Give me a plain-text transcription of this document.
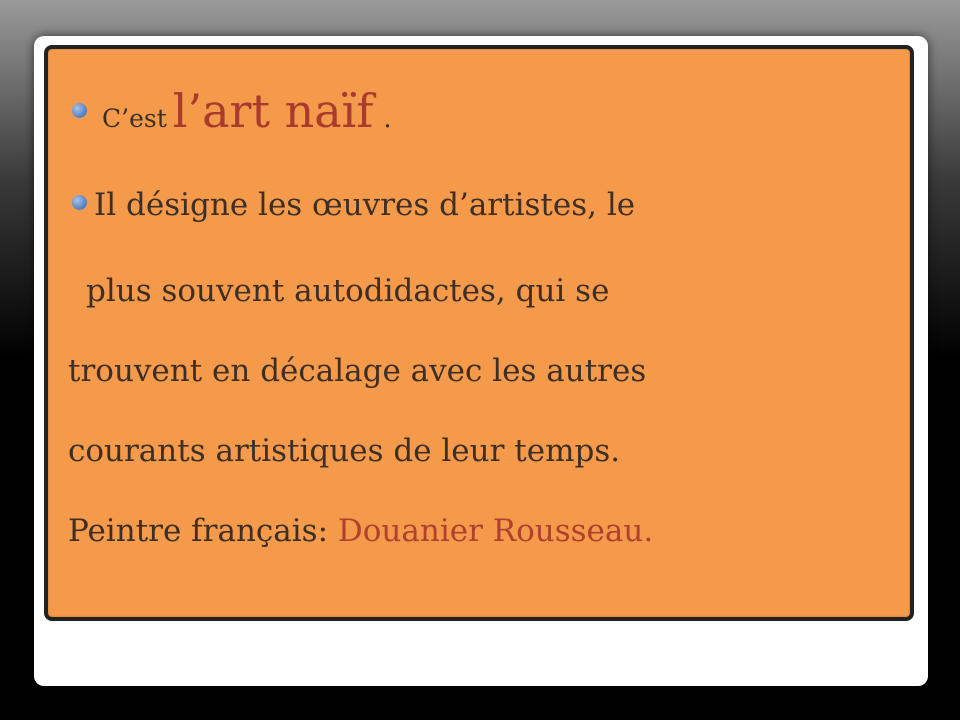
C’est l’art naïf .
Il désigne les œuvres d’artistes, le
plus souvent autodidactes, qui se
trouvent en décalage avec les autres
courants artistiques de leur temps.
Peintre français: Douanier Rousseau.
